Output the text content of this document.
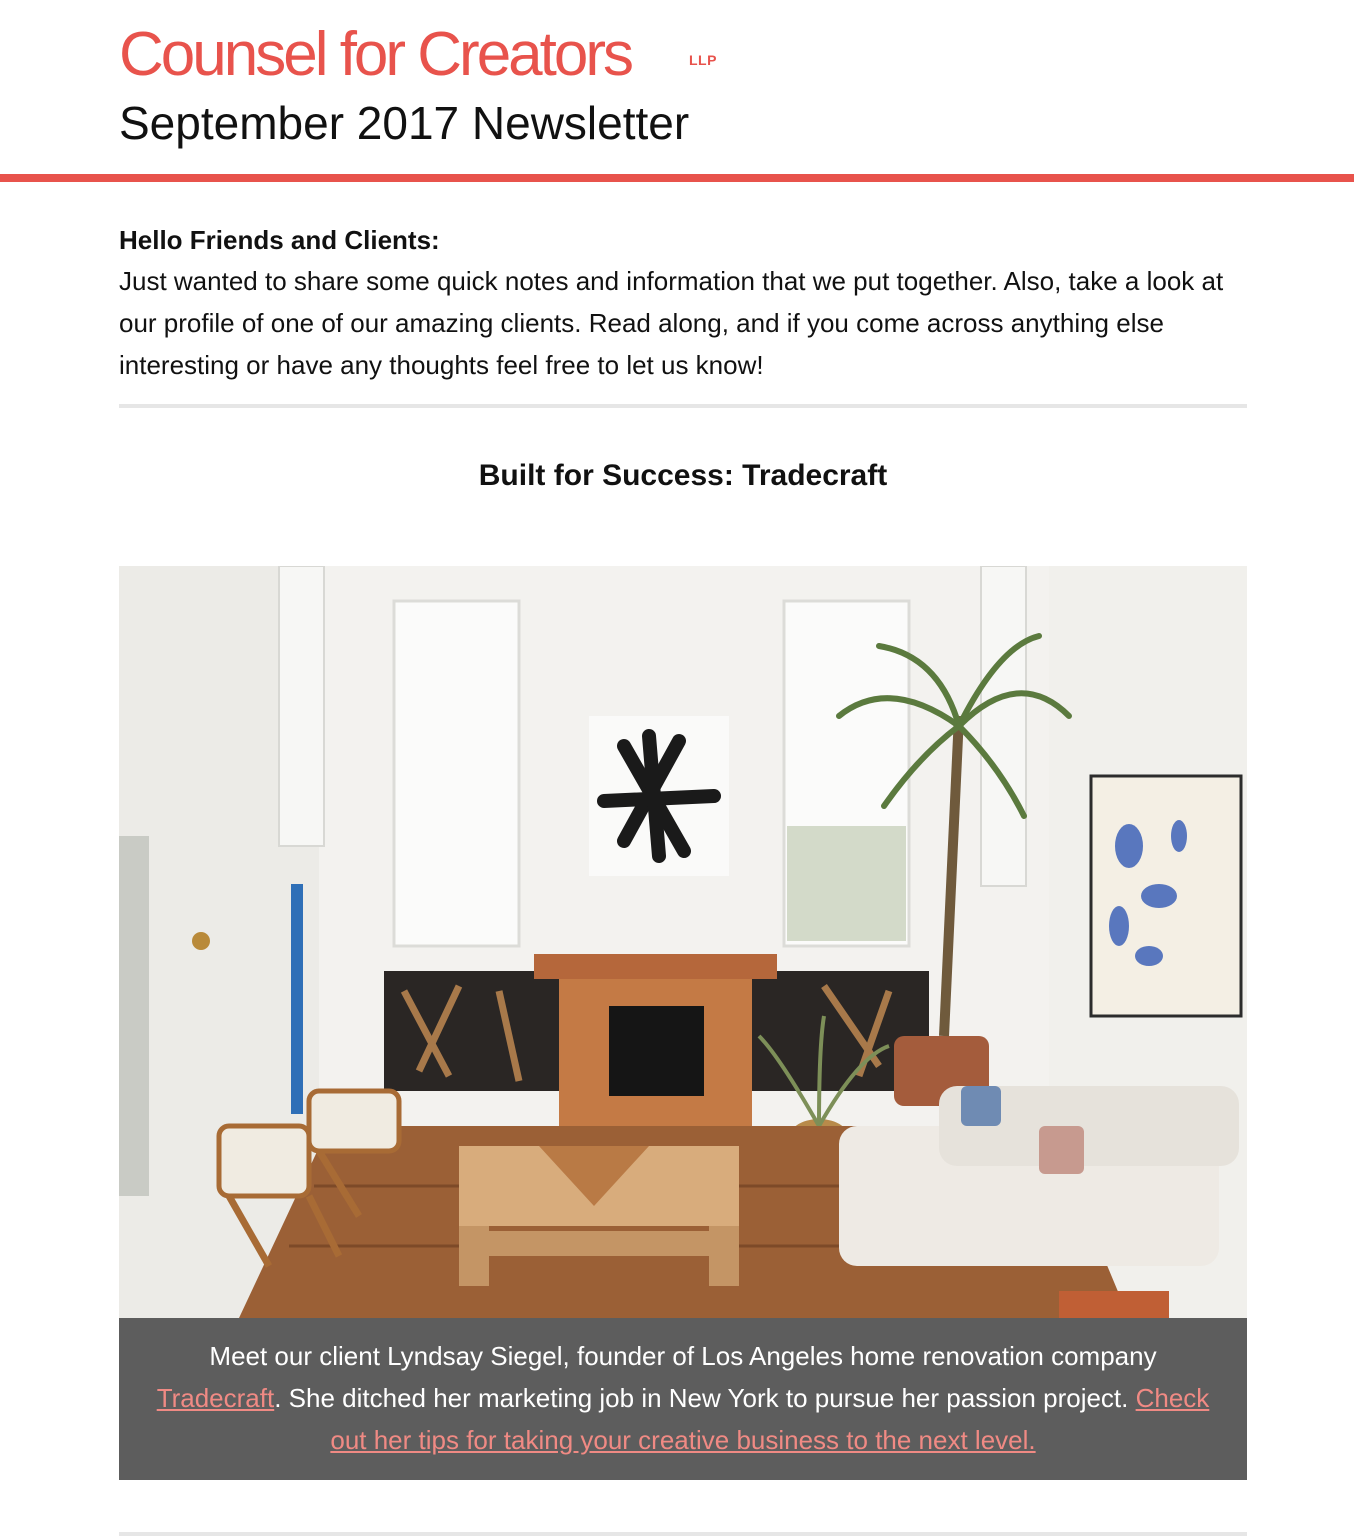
Counsel for Creators	LLP
September 2017 Newsletter

Hello Friends and Clients:

Just wanted to share some quick notes and information that we put together. Also, take a look at our profile of one of our amazing clients. Read along, and if you come across anything else interesting or have any thoughts feel free to let us know!

Built for Success: Tradecraft
Meet our client Lyndsay Siegel, founder of Los Angeles home renovation company Tradecraft. She ditched her marketing job in New York to pursue her passion project. Check out her tips for taking your creative business to the next level.
